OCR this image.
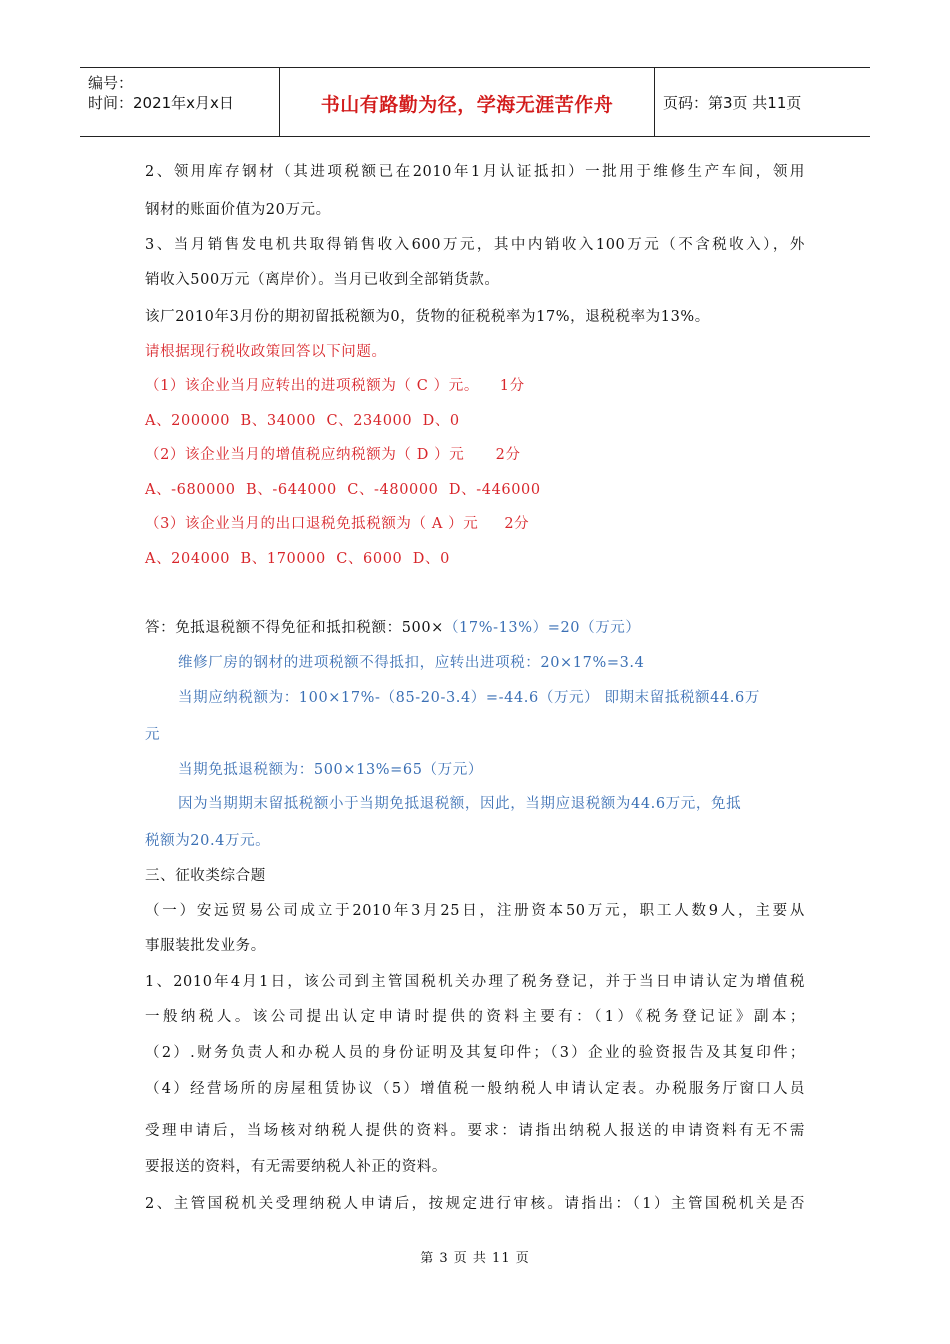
编号：
时间：2021年x月x日	书山有路勤为径，学海无涯苦作舟	页码：第3页 共11页
2、领用库存钢材（其进项税额已在2010年1月认证抵扣）一批用于维修生产车间，领用
钢材的账面价值为20万元。
3、当月销售发电机共取得销售收入600万元，其中内销收入100万元（不含税收入），外
销收入500万元（离岸价）。当月已收到全部销货款。
该厂2010年3月份的期初留抵税额为0，货物的征税税率为17%，退税税率为13%。
请根据现行税收政策回答以下问题。
（1）该企业当月应转出的进项税额为（ C ）元。    1分
A、200000  B、34000  C、234000  D、0
（2）该企业当月的增值税应纳税额为（ D ）元      2分
A、-680000  B、-644000  C、-480000  D、-446000
（3）该企业当月的出口退税免抵税额为（ A ）元     2分
A、204000  B、170000  C、6000  D、0
答：免抵退税额不得免征和抵扣税额：500×（17%-13%）=20（万元）
维修厂房的钢材的进项税额不得抵扣，应转出进项税：20×17%=3.4
当期应纳税额为：100×17%-（85-20-3.4）=-44.6（万元） 即期末留抵税额44.6万
元
当期免抵退税额为：500×13%=65（万元）
因为当期期末留抵税额小于当期免抵退税额，因此，当期应退税额为44.6万元，免抵
税额为20.4万元。
三、征收类综合题
（一）安远贸易公司成立于2010年3月25日，注册资本50万元，职工人数9人，主要从
事服装批发业务。
1、2010年4月1日，该公司到主管国税机关办理了税务登记，并于当日申请认定为增值税
一般纳税人。该公司提出认定申请时提供的资料主要有：（1）《税务登记证》副本；
（2）.财务负责人和办税人员的身份证明及其复印件；（3）企业的验资报告及其复印件；
（4）经营场所的房屋租赁协议（5）增值税一般纳税人申请认定表。办税服务厅窗口人员
受理申请后，当场核对纳税人提供的资料。要求：请指出纳税人报送的申请资料有无不需
要报送的资料，有无需要纳税人补正的资料。
2、主管国税机关受理纳税人申请后，按规定进行审核。请指出：（1）主管国税机关是否
第 3 页 共 11 页
